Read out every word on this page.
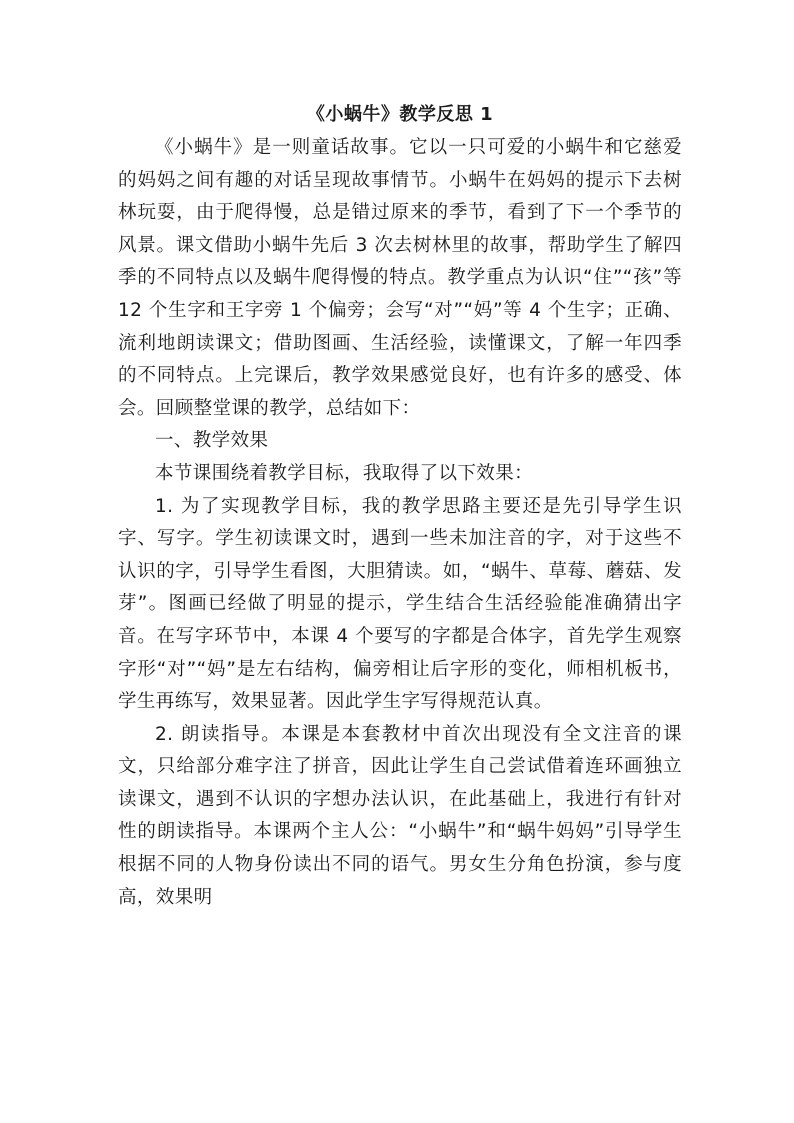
《小蜗牛》教学反思 1

《小蜗牛》是一则童话故事。它以一只可爱的小蜗牛和它慈爱的妈妈之间有趣的对话呈现故事情节。小蜗牛在妈妈的提示下去树林玩耍，由于爬得慢，总是错过原来的季节，看到了下一个季节的风景。课文借助小蜗牛先后 3 次去树林里的故事，帮助学生了解四季的不同特点以及蜗牛爬得慢的特点。教学重点为认识“住”“孩”等 12 个生字和王字旁 1 个偏旁；会写“对”“妈”等 4 个生字；正确、流利地朗读课文；借助图画、生活经验，读懂课文，了解一年四季的不同特点。上完课后，教学效果感觉良好，也有许多的感受、体会。回顾整堂课的教学，总结如下：

一、教学效果

本节课围绕着教学目标，我取得了以下效果：

1. 为了实现教学目标，我的教学思路主要还是先引导学生识字、写字。学生初读课文时，遇到一些未加注音的字，对于这些不认识的字，引导学生看图，大胆猜读。如，“蜗牛、草莓、蘑菇、发芽”。图画已经做了明显的提示，学生结合生活经验能准确猜出字音。在写字环节中，本课 4 个要写的字都是合体字，首先学生观察字形“对”“妈”是左右结构，偏旁相让后字形的变化，师相机板书，学生再练写，效果显著。因此学生字写得规范认真。

2. 朗读指导。本课是本套教材中首次出现没有全文注音的课文，只给部分难字注了拼音，因此让学生自己尝试借着连环画独立读课文，遇到不认识的字想办法认识，在此基础上，我进行有针对性的朗读指导。本课两个主人公：“小蜗牛”和“蜗牛妈妈”引导学生根据不同的人物身份读出不同的语气。男女生分角色扮演，参与度高，效果明
